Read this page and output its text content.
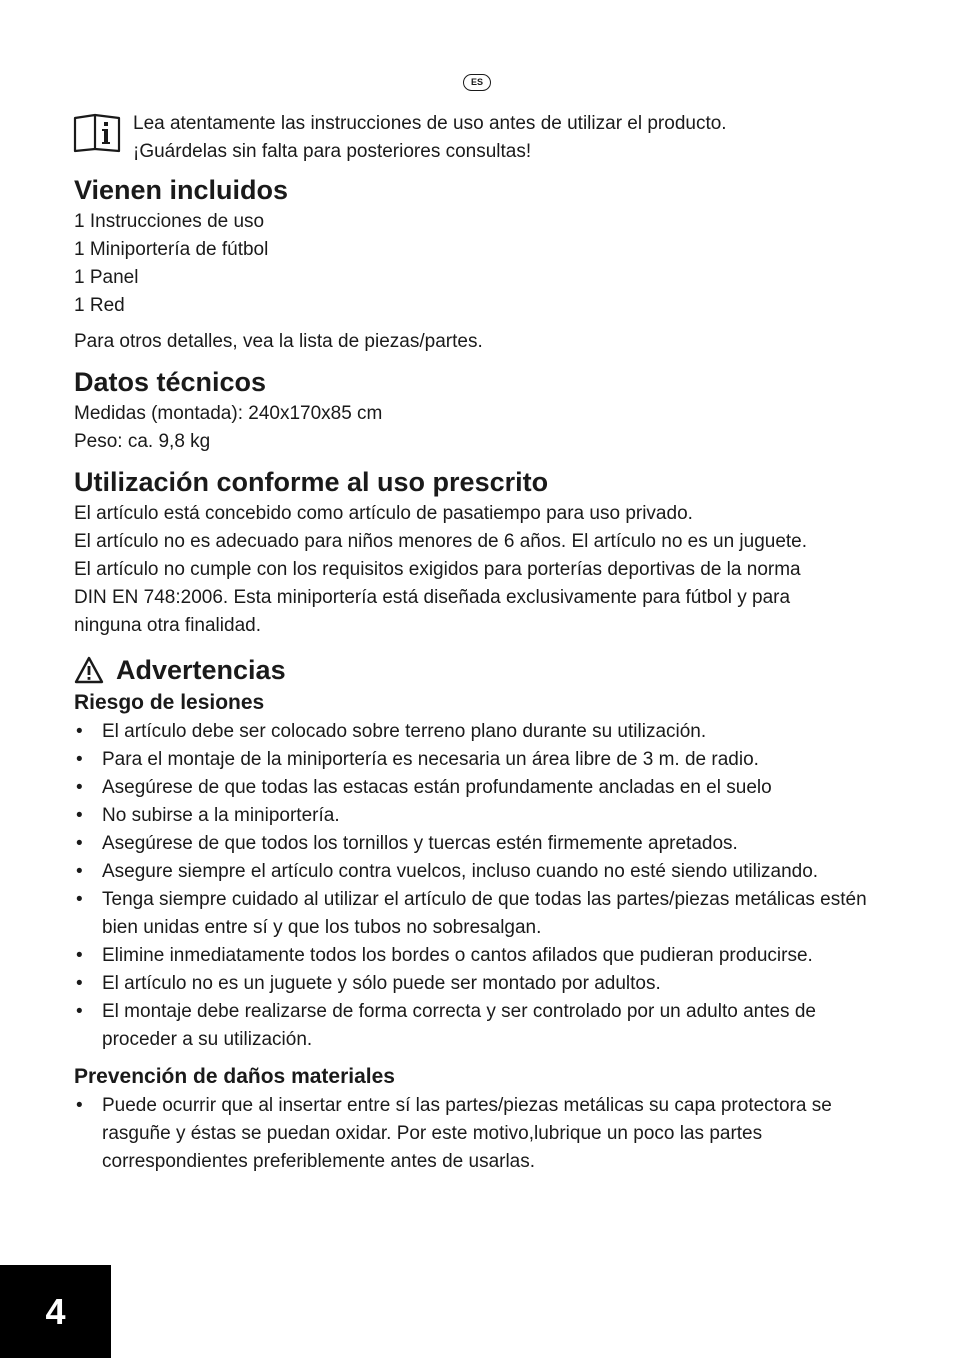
ES
Lea atentamente las instrucciones de uso antes de utilizar el producto.
¡Guárdelas sin falta para posteriores consultas!
Vienen incluidos

1 Instrucciones de uso

1 Miniportería de fútbol

1 Panel

1 Red

Para otros detalles, vea la lista de piezas/partes.

Datos técnicos

Medidas (montada): 240x170x85 cm

Peso: ca. 9,8 kg

Utilización conforme al uso prescrito

El artículo está concebido como artículo de pasatiempo para uso privado.

El artículo no es adecuado para niños menores de 6 años. El artículo no es un juguete.

El artículo no cumple con los requisitos exigidos para porterías deportivas de la norma

DIN EN 748:2006. Esta miniportería está diseñada exclusivamente para fútbol y para

ninguna otra finalidad.

Advertencias
Riesgo de lesiones
• El artículo debe ser colocado sobre terreno plano durante su utilización.
• Para el montaje de la miniportería es necesaria un área libre de 3 m. de radio.
• Asegúrese de que todas las estacas están profundamente ancladas en el suelo
• No subirse a la miniportería.
• Asegúrese de que todos los tornillos y tuercas estén firmemente apretados.
• Asegure siempre el artículo contra vuelcos, incluso cuando no esté siendo utilizando.
• Tenga siempre cuidado al utilizar el artículo de que todas las partes/piezas metálicas estén bien unidas entre sí y que los tubos no sobresalgan.
• Elimine inmediatamente todos los bordes o cantos afilados que pudieran producirse.
• El artículo no es un juguete y sólo puede ser montado por adultos.
• El montaje debe realizarse de forma correcta y ser controlado por un adulto antes de proceder a su utilización.
Prevención de daños materiales
• Puede ocurrir que al insertar entre sí las partes/piezas metálicas su capa protectora se rasguñe y éstas se puedan oxidar. Por este motivo,lubrique un poco las partes correspondientes preferiblemente antes de usarlas.
4
